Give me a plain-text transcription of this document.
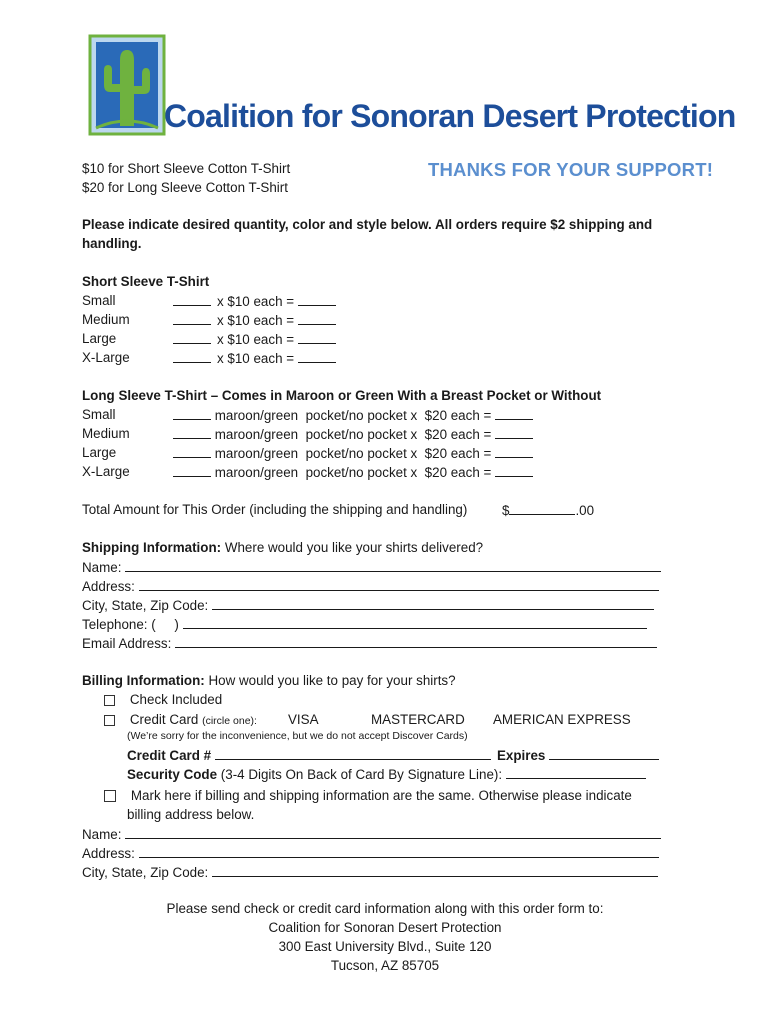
Coalition for Sonoran Desert Protection
$10 for Short Sleeve Cotton T-Shirt
$20 for Long Sleeve Cotton T-Shirt
THANKS FOR YOUR SUPPORT!
Please indicate desired quantity, color and style below. All orders require $2 shipping and
handling.
Short Sleeve T-Shirt
Small	x $10 each =
Medium	x $10 each =
Large	x $10 each =
X-Large	x $10 each =
Long Sleeve T-Shirt – Comes in Maroon or Green With a Breast Pocket or Without
Small	maroon/green pocket/no pocket x $20 each =
Medium	maroon/green pocket/no pocket x $20 each =
Large	maroon/green pocket/no pocket x $20 each =
X-Large	maroon/green pocket/no pocket x $20 each =
Total Amount for This Order (including the shipping and handling)	$	.00
Shipping Information: Where would you like your shirts delivered?
Name:
Address:
City, State, Zip Code:
Telephone: ( )
Email Address:
Billing Information: How would you like to pay for your shirts?
Check Included
Credit Card (circle one): VISA	MASTERCARD AMERICAN EXPRESS
(We’re sorry for the inconvenience, but we do not accept Discover Cards)
Credit Card #	Expires
Security Code (3-4 Digits On Back of Card By Signature Line):
Mark here if billing and shipping information are the same. Otherwise please indicate
billing address below.
Name:
Address:
City, State, Zip Code:
Please send check or credit card information along with this order form to:
Coalition for Sonoran Desert Protection
300 East University Blvd., Suite 120
Tucson, AZ 85705
